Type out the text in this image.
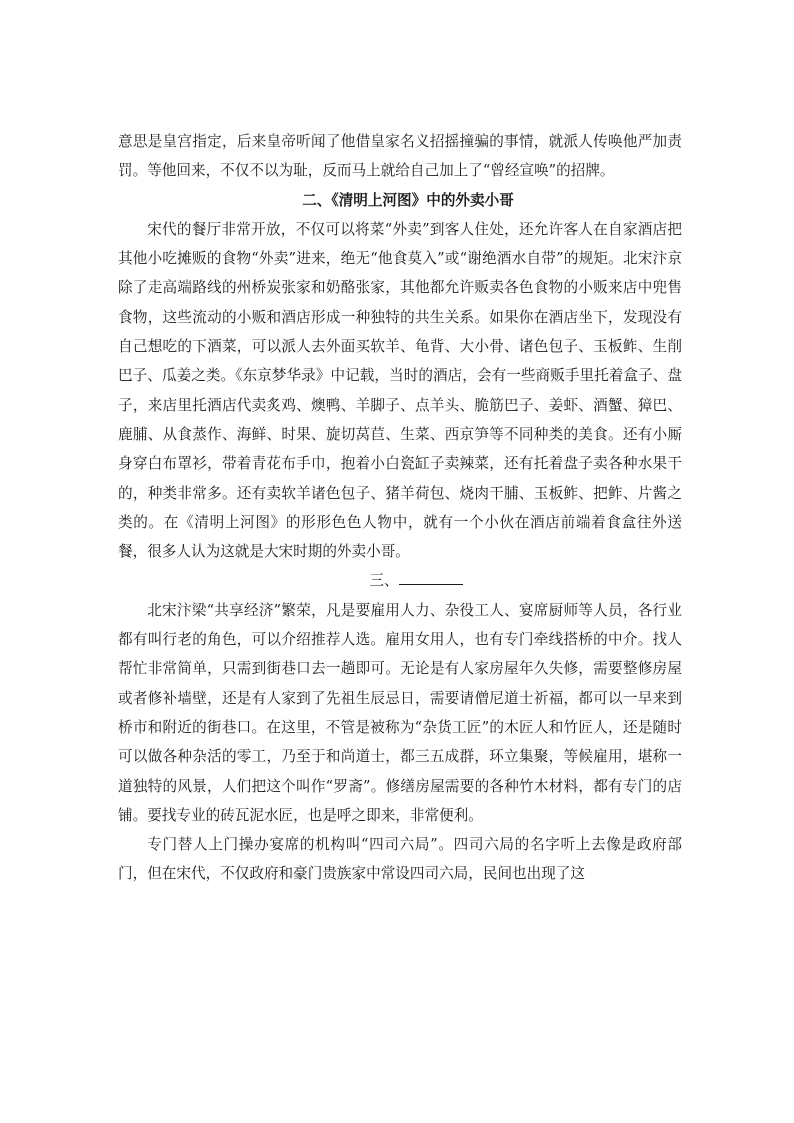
意思是皇宫指定，后来皇帝听闻了他借皇家名义招摇撞骗的事情，就派人传唤他严加责罚。等他回来，不仅不以为耻，反而马上就给自己加上了“曾经宣唤”的招牌。

二、《清明上河图》中的外卖小哥

宋代的餐厅非常开放，不仅可以将菜“外卖”到客人住处，还允许客人在自家酒店把其他小吃摊贩的食物“外卖”进来，绝无“他食莫入”或“谢绝酒水自带”的规矩。北宋汴京除了走高端路线的州桥炭张家和奶酪张家，其他都允许贩卖各色食物的小贩来店中兜售食物，这些流动的小贩和酒店形成一种独特的共生关系。如果你在酒店坐下，发现没有自己想吃的下酒菜，可以派人去外面买软羊、龟背、大小骨、诸色包子、玉板鲊、生削巴子、瓜姜之类。《东京梦华录》中记载，当时的酒店，会有一些商贩手里托着盒子、盘子，来店里托酒店代卖炙鸡、燠鸭、羊脚子、点羊头、脆筋巴子、姜虾、酒蟹、獐巴、鹿脯、从食蒸作、海鲜、时果、旋切莴苣、生菜、西京笋等不同种类的美食。还有小厮身穿白布罩衫，带着青花布手巾，抱着小白瓷缸子卖辣菜，还有托着盘子卖各种水果干的，种类非常多。还有卖软羊诸色包子、猪羊荷包、烧肉干脯、玉板鲊、把鲊、片酱之类的。在《清明上河图》的形形色色人物中，就有一个小伙在酒店前端着食盒往外送餐，很多人认为这就是大宋时期的外卖小哥。

三、

北宋汴梁“共享经济”繁荣，凡是要雇用人力、杂役工人、宴席厨师等人员，各行业都有叫行老的角色，可以介绍推荐人选。雇用女用人，也有专门牵线搭桥的中介。找人帮忙非常简单，只需到街巷口去一趟即可。无论是有人家房屋年久失修，需要整修房屋或者修补墙壁，还是有人家到了先祖生辰忌日，需要请僧尼道士祈福，都可以一早来到桥市和附近的街巷口。在这里，不管是被称为“杂货工匠”的木匠人和竹匠人，还是随时可以做各种杂活的零工，乃至于和尚道士，都三五成群，环立集聚，等候雇用，堪称一道独特的风景，人们把这个叫作“罗斋”。修缮房屋需要的各种竹木材料，都有专门的店铺。要找专业的砖瓦泥水匠，也是呼之即来，非常便利。

专门替人上门操办宴席的机构叫“四司六局”。四司六局的名字听上去像是政府部门，但在宋代，不仅政府和豪门贵族家中常设四司六局，民间也出现了这
